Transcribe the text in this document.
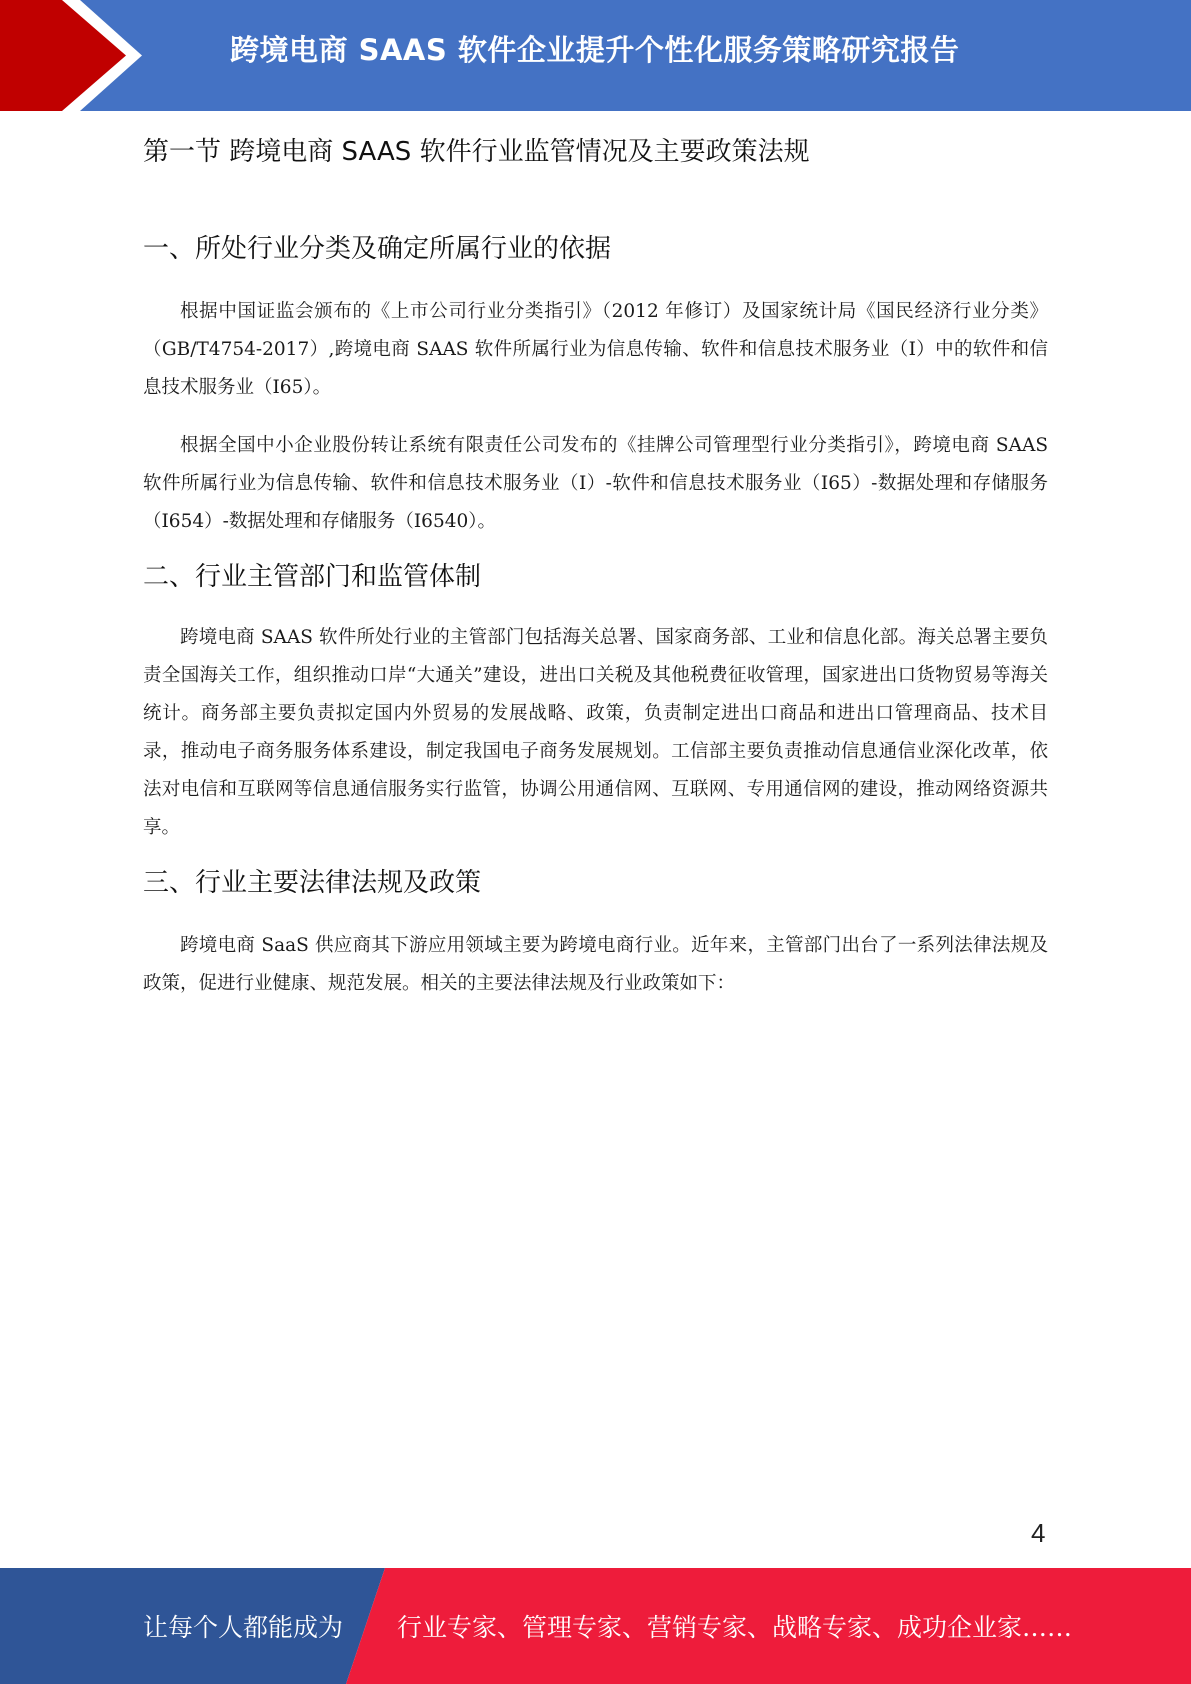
跨境电商 SAAS 软件企业提升个性化服务策略研究报告
第一节 跨境电商 SAAS 软件行业监管情况及主要政策法规
一、所处行业分类及确定所属行业的依据

根据中国证监会颁布的《上市公司行业分类指引》（2012 年修订）及国家统计局《国民经济行业分类》（GB/T4754-2017）,跨境电商 SAAS 软件所属行业为信息传输、软件和信息技术服务业（I）中的软件和信息技术服务业（I65）。

根据全国中小企业股份转让系统有限责任公司发布的《挂牌公司管理型行业分类指引》，跨境电商 SAAS 软件所属行业为信息传输、软件和信息技术服务业（I）-软件和信息技术服务业（I65）-数据处理和存储服务（I654）-数据处理和存储服务（I6540）。

二、行业主管部门和监管体制

跨境电商 SAAS 软件所处行业的主管部门包括海关总署、国家商务部、工业和信息化部。海关总署主要负责全国海关工作，组织推动口岸“大通关”建设，进出口关税及其他税费征收管理，国家进出口货物贸易等海关统计。商务部主要负责拟定国内外贸易的发展战略、政策，负责制定进出口商品和进出口管理商品、技术目录，推动电子商务服务体系建设，制定我国电子商务发展规划。工信部主要负责推动信息通信业深化改革，依法对电信和互联网等信息通信服务实行监管，协调公用通信网、互联网、专用通信网的建设，推动网络资源共享。

三、行业主要法律法规及政策

跨境电商 SaaS 供应商其下游应用领域主要为跨境电商行业。近年来，主管部门出台了一系列法律法规及政策，促进行业健康、规范发展。相关的主要法律法规及行业政策如下：

4
让每个人都能成为 行业专家、管理专家、营销专家、战略专家、成功企业家……
